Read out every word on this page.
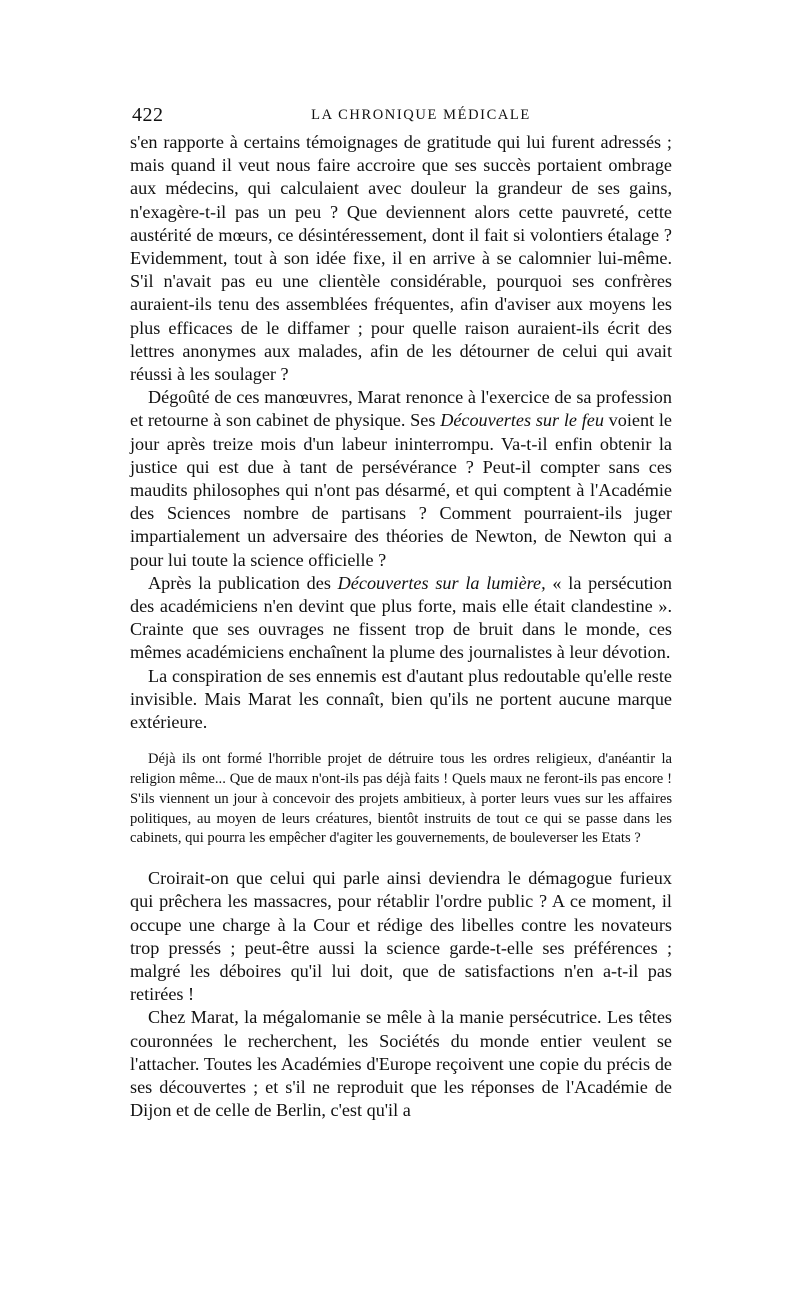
422	LA CHRONIQUE MÉDICALE

s'en rapporte à certains témoignages de gratitude qui lui furent adressés ; mais quand il veut nous faire accroire que ses succès portaient ombrage aux médecins, qui calculaient avec douleur la grandeur de ses gains, n'exagère-t-il pas un peu ? Que deviennent alors cette pauvreté, cette austérité de mœurs, ce désintéressement, dont il fait si volontiers étalage ? Evidemment, tout à son idée fixe, il en arrive à se calomnier lui-même. S'il n'avait pas eu une clientèle considérable, pourquoi ses confrères auraient-ils tenu des assemblées fréquentes, afin d'aviser aux moyens les plus efficaces de le diffamer ; pour quelle raison auraient-ils écrit des lettres anonymes aux malades, afin de les détourner de celui qui avait réussi à les soulager ?

Dégoûté de ces manœuvres, Marat renonce à l'exercice de sa profession et retourne à son cabinet de physique. Ses Découvertes sur le feu voient le jour après treize mois d'un labeur ininterrompu. Va-t-il enfin obtenir la justice qui est due à tant de persévérance ? Peut-il compter sans ces maudits philosophes qui n'ont pas désarmé, et qui comptent à l'Académie des Sciences nombre de partisans ? Comment pourraient-ils juger impartialement un adversaire des théories de Newton, de Newton qui a pour lui toute la science officielle ?

Après la publication des Découvertes sur la lumière, « la persécution des académiciens n'en devint que plus forte, mais elle était clandestine ». Crainte que ses ouvrages ne fissent trop de bruit dans le monde, ces mêmes académiciens enchaînent la plume des journalistes à leur dévotion.

La conspiration de ses ennemis est d'autant plus redoutable qu'elle reste invisible. Mais Marat les connaît, bien qu'ils ne portent aucune marque extérieure.

Déjà ils ont formé l'horrible projet de détruire tous les ordres religieux, d'anéantir la religion même... Que de maux n'ont-ils pas déjà faits ! Quels maux ne feront-ils pas encore ! S'ils viennent un jour à concevoir des projets ambitieux, à porter leurs vues sur les affaires politiques, au moyen de leurs créatures, bientôt instruits de tout ce qui se passe dans les cabinets, qui pourra les empêcher d'agiter les gouvernements, de bouleverser les Etats ?

Croirait-on que celui qui parle ainsi deviendra le démagogue furieux qui prêchera les massacres, pour rétablir l'ordre public ? A ce moment, il occupe une charge à la Cour et rédige des libelles contre les novateurs trop pressés ; peut-être aussi la science garde-t-elle ses préférences ; malgré les déboires qu'il lui doit, que de satisfactions n'en a-t-il pas retirées !

Chez Marat, la mégalomanie se mêle à la manie persécutrice. Les têtes couronnées le recherchent, les Sociétés du monde entier veulent se l'attacher. Toutes les Académies d'Europe reçoivent une copie du précis de ses découvertes ; et s'il ne reproduit que les réponses de l'Académie de Dijon et de celle de Berlin, c'est qu'il a
